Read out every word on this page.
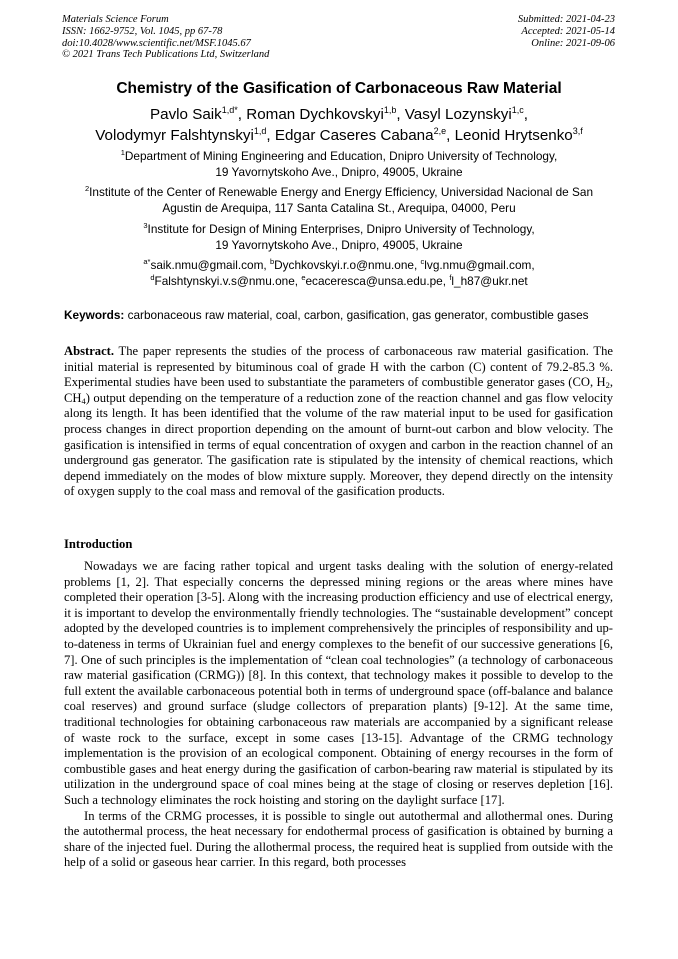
Materials Science Forum
ISSN: 1662-9752, Vol. 1045, pp 67-78
doi:10.4028/www.scientific.net/MSF.1045.67
© 2021 Trans Tech Publications Ltd, Switzerland
Submitted: 2021-04-23
Accepted: 2021-05-14
Online: 2021-09-06
Chemistry of the Gasification of Carbonaceous Raw Material
Pavlo Saik$^{1,d*}$, Roman Dychkovskyi$^{1,b}$, Vasyl Lozynskyi$^{1,c}$,
Volodymyr Falshtynskyi$^{1,d}$, Edgar Caseres Cabana$^{2,e}$, Leonid Hrytsenko$^{3,f}$
$^1$Department of Mining Engineering and Education, Dnipro University of Technology,
19 Yavornytskoho Ave., Dnipro, 49005, Ukraine
$^2$Institute of the Center of Renewable Energy and Energy Efficiency, Universidad Nacional de San
Agustin de Arequipa, 117 Santa Catalina St., Arequipa, 04000, Peru
$^3$Institute for Design of Mining Enterprises, Dnipro University of Technology,
19 Yavornytskoho Ave., Dnipro, 49005, Ukraine
$^{a*}$saik.nmu@gmail.com, $^b$Dychkovskyi.r.o@nmu.one, $^c$lvg.nmu@gmail.com,
$^d$Falshtynskyi.v.s@nmu.one, $^e$ecaceresca@unsa.edu.pe, $^f$l_h87@ukr.net
Keywords: carbonaceous raw material, coal, carbon, gasification, gas generator, combustible gases
Abstract. The paper represents the studies of the process of carbonaceous raw material gasification. The initial material is represented by bituminous coal of grade H with the carbon (C) content of 79.2-85.3 %. Experimental studies have been used to substantiate the parameters of combustible generator gases (CO, $H_2$, $CH_4$) output depending on the temperature of a reduction zone of the reaction channel and gas flow velocity along its length. It has been identified that the volume of the raw material input to be used for gasification process changes in direct proportion depending on the amount of burnt-out carbon and blow velocity. The gasification is intensified in terms of equal concentration of oxygen and carbon in the reaction channel of an underground gas generator. The gasification rate is stipulated by the intensity of chemical reactions, which depend immediately on the modes of blow mixture supply. Moreover, they depend directly on the intensity of oxygen supply to the coal mass and removal of the gasification products.
Introduction

Nowadays we are facing rather topical and urgent tasks dealing with the solution of energy-related problems [1, 2]. That especially concerns the depressed mining regions or the areas where mines have completed their operation [3-5]. Along with the increasing production efficiency and use of electrical energy, it is important to develop the environmentally friendly technologies. The “sustainable development” concept adopted by the developed countries is to implement comprehensively the principles of responsibility and up-to-dateness in terms of Ukrainian fuel and energy complexes to the benefit of our successive generations [6, 7]. One of such principles is the implementation of “clean coal technologies” (a technology of carbonaceous raw material gasification (CRMG)) [8]. In this context, that technology makes it possible to develop to the full extent the available carbonaceous potential both in terms of underground space (off-balance and balance coal reserves) and ground surface (sludge collectors of preparation plants) [9-12]. At the same time, traditional technologies for obtaining carbonaceous raw materials are accompanied by a significant release of waste rock to the surface, except in some cases [13-15]. Advantage of the CRMG technology implementation is the provision of an ecological component. Obtaining of energy recourses in the form of combustible gases and heat energy during the gasification of carbon-bearing raw material is stipulated by its utilization in the underground space of coal mines being at the stage of closing or reserves depletion [16]. Such a technology eliminates the rock hoisting and storing on the daylight surface [17].

In terms of the CRMG processes, it is possible to single out autothermal and allothermal ones. During the autothermal process, the heat necessary for endothermal process of gasification is obtained by burning a share of the injected fuel. During the allothermal process, the required heat is supplied from outside with the help of a solid or gaseous hear carrier. In this regard, both processes
